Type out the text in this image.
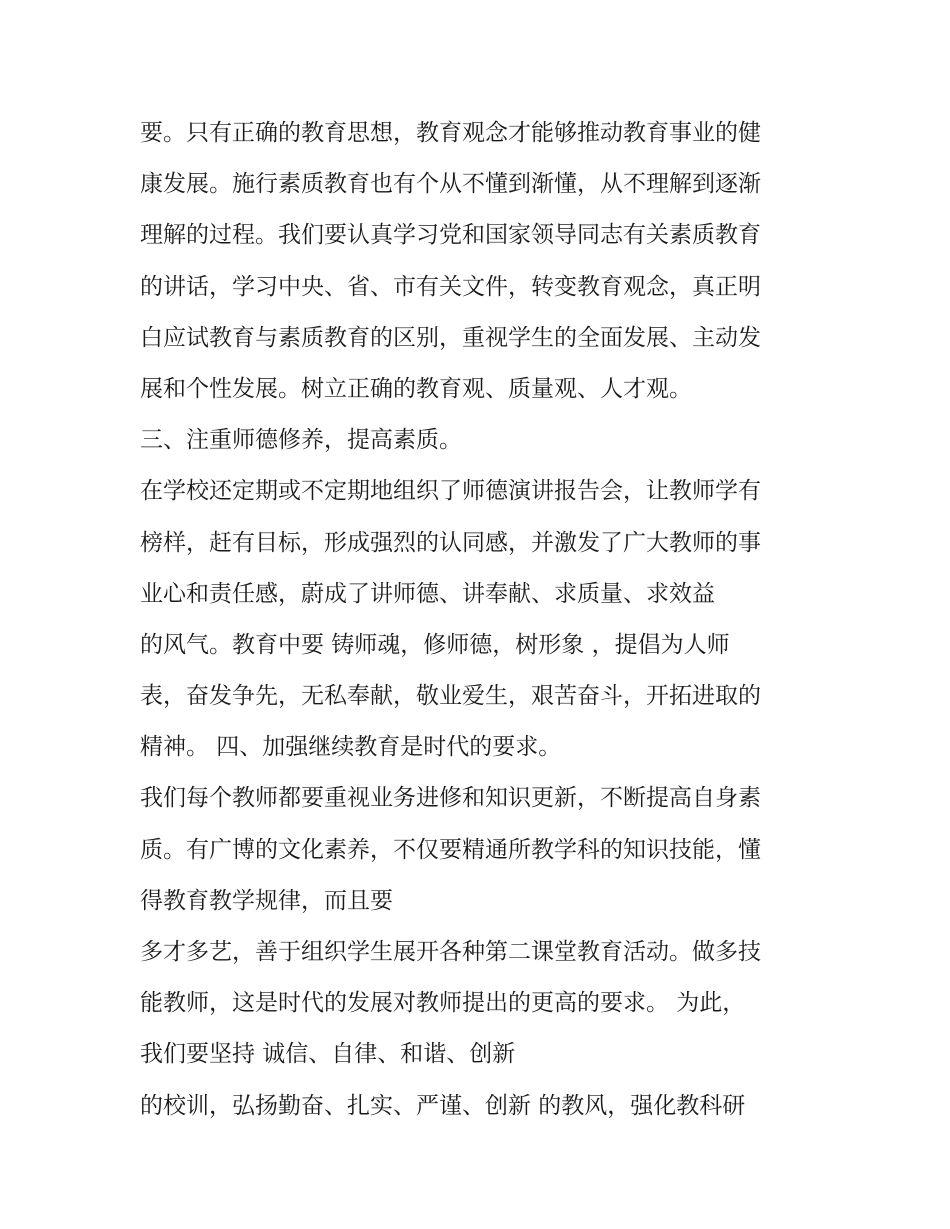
要。只有正确的教育思想，教育观念才能够推动教育事业的健
康发展。施行素质教育也有个从不懂到渐懂，从不理解到逐渐
理解的过程。我们要认真学习党和国家领导同志有关素质教育
的讲话，学习中央、省、市有关文件，转变教育观念，真正明
白应试教育与素质教育的区别，重视学生的全面发展、主动发
展和个性发展。树立正确的教育观、质量观、人才观。
三、注重师德修养，提高素质。
在学校还定期或不定期地组织了师德演讲报告会，让教师学有
榜样，赶有目标，形成强烈的认同感，并激发了广大教师的事
业心和责任感，蔚成了讲师德、讲奉献、求质量、求效益
的风气。教育中要 铸师魂，修师德，树形象 ，提倡为人师
表，奋发争先，无私奉献，敬业爱生，艰苦奋斗，开拓进取的
精神。 四、加强继续教育是时代的要求。
我们每个教师都要重视业务进修和知识更新，不断提高自身素
质。有广博的文化素养，不仅要精通所教学科的知识技能，懂
得教育教学规律，而且要
多才多艺，善于组织学生展开各种第二课堂教育活动。做多技
能教师，这是时代的发展对教师提出的更高的要求。 为此，
我们要坚持 诚信、自律、和谐、创新
的校训，弘扬勤奋、扎实、严谨、创新 的教风，强化教科研
